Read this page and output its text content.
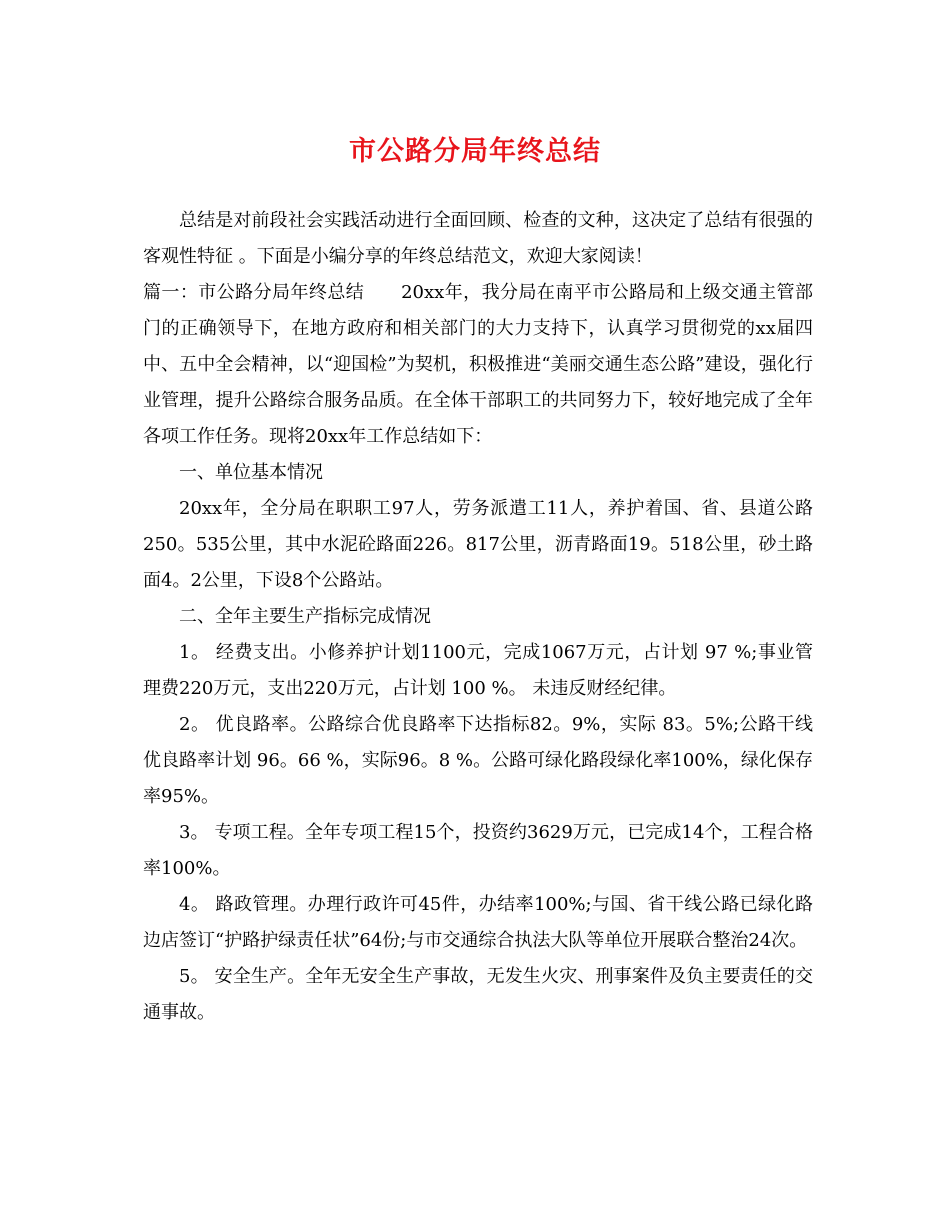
市公路分局年终总结

总结是对前段社会实践活动进行全面回顾、检查的文种，这决定了总结有很强的客观性特征 。下面是小编分享的年终总结范文，欢迎大家阅读！

篇一：市公路分局年终总结　　20xx年，我分局在南平市公路局和上级交通主管部门的正确领导下，在地方政府和相关部门的大力支持下，认真学习贯彻党的xx届四中、五中全会精神，以“迎国检”为契机，积极推进“美丽交通生态公路”建设，强化行业管理，提升公路综合服务品质。在全体干部职工的共同努力下，较好地完成了全年各项工作任务。现将20xx年工作总结如下：

一、单位基本情况

20xx年，全分局在职职工97人，劳务派遣工11人，养护着国、省、县道公路250。535公里，其中水泥砼路面226。817公里，沥青路面19。518公里，砂土路面4。2公里，下设8个公路站。

二、全年主要生产指标完成情况

1。 经费支出。小修养护计划1100元，完成1067万元，占计划 97 %;事业管理费220万元，支出220万元，占计划 100 %。 未违反财经纪律。

2。 优良路率。公路综合优良路率下达指标82。9%，实际 83。5%;公路干线优良路率计划 96。66 %，实际96。8 %。公路可绿化路段绿化率100%，绿化保存率95%。

3。 专项工程。全年专项工程15个，投资约3629万元，已完成14个，工程合格率100%。

4。 路政管理。办理行政许可45件，办结率100%;与国、省干线公路已绿化路边店签订“护路护绿责任状”64份;与市交通综合执法大队等单位开展联合整治24次。

5。 安全生产。全年无安全生产事故，无发生火灾、刑事案件及负主要责任的交通事故。
